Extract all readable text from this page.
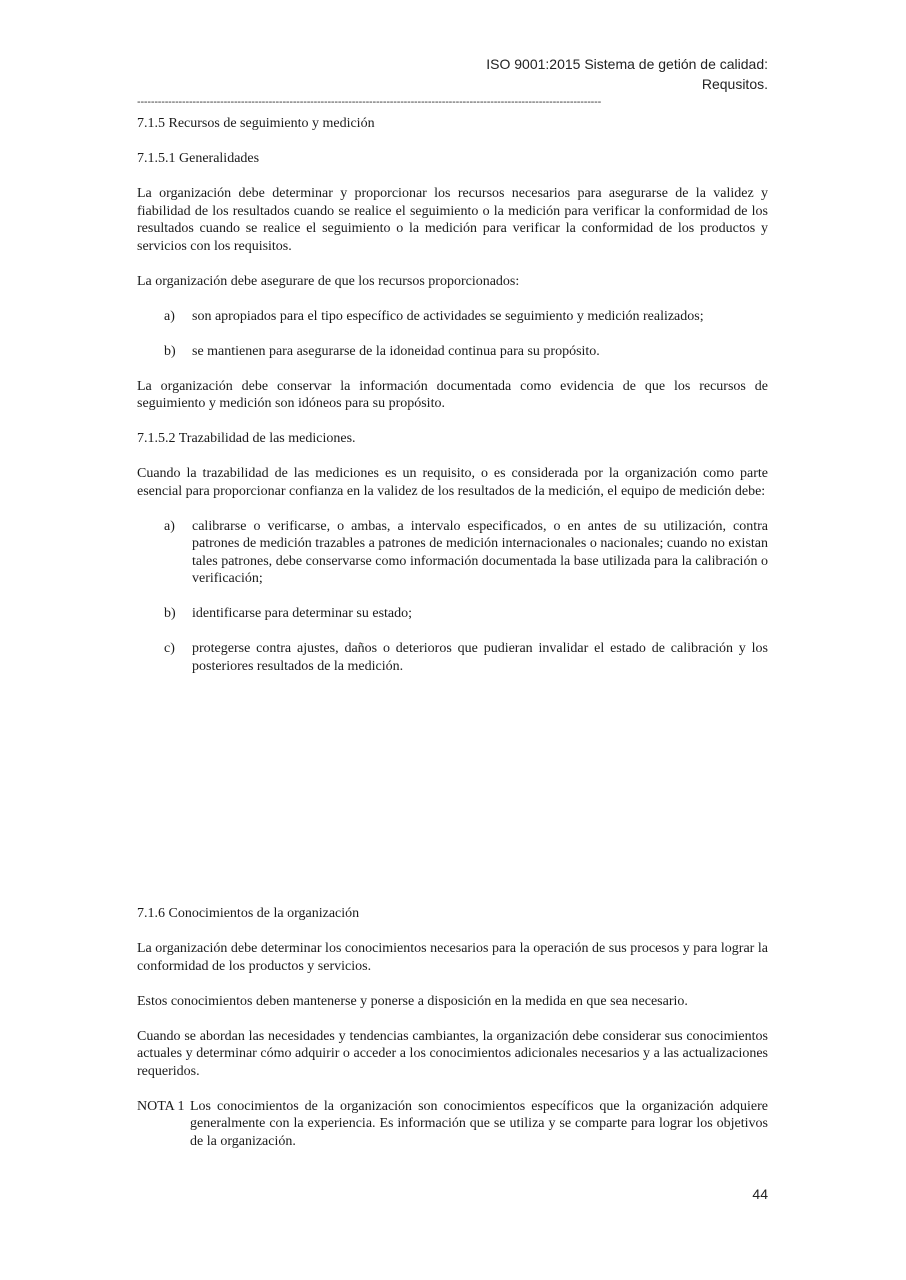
ISO 9001:2015 Sistema de getión de calidad:
Requsitos.
--------------------------------------------------------------------------------------------------------------------------------------

7.1.5 Recursos de seguimiento y medición

7.1.5.1 Generalidades

La organización debe determinar y proporcionar los recursos necesarios para asegurarse de la validez y fiabilidad de los resultados cuando se realice el seguimiento o la medición para verificar la conformidad de los resultados cuando se realice el seguimiento o la medición para verificar la conformidad de los productos y servicios con los requisitos.

La organización debe asegurare de que los recursos proporcionados:

a)	son apropiados para el tipo específico de actividades se seguimiento y medición realizados;
b)	se mantienen para asegurarse de la idoneidad continua para su propósito.

La organización debe conservar la información documentada como evidencia de que los recursos de seguimiento y medición son idóneos para su propósito.

7.1.5.2 Trazabilidad de las mediciones.

Cuando la trazabilidad de las mediciones es un requisito, o es considerada por la organización como parte esencial para proporcionar confianza en la validez de los resultados de la medición, el equipo de medición debe:

a)	calibrarse o verificarse, o ambas, a intervalo especificados, o en antes de su utilización, contra patrones de medición trazables a patrones de medición internacionales o nacionales; cuando no existan tales patrones, debe conservarse como información documentada la base utilizada para la calibración o verificación;
b)	identificarse para determinar su estado;
c)	protegerse contra ajustes, daños o deterioros que pudieran invalidar el estado de calibración y los posteriores resultados de la medición.

7.1.6 Conocimientos de la organización

La organización debe determinar los conocimientos necesarios para la operación de sus procesos y para lograr la conformidad de los productos y servicios.

Estos conocimientos deben mantenerse y ponerse a disposición en la medida en que sea necesario.

Cuando se abordan las necesidades y tendencias cambiantes, la organización debe considerar sus conocimientos actuales y determinar cómo adquirir o acceder a los conocimientos adicionales necesarios y a las actualizaciones requeridos.

NOTA 1 Los conocimientos de la organización son conocimientos específicos que la organización adquiere generalmente con la experiencia. Es información que se utiliza y se comparte para lograr los objetivos de la organización.
44
